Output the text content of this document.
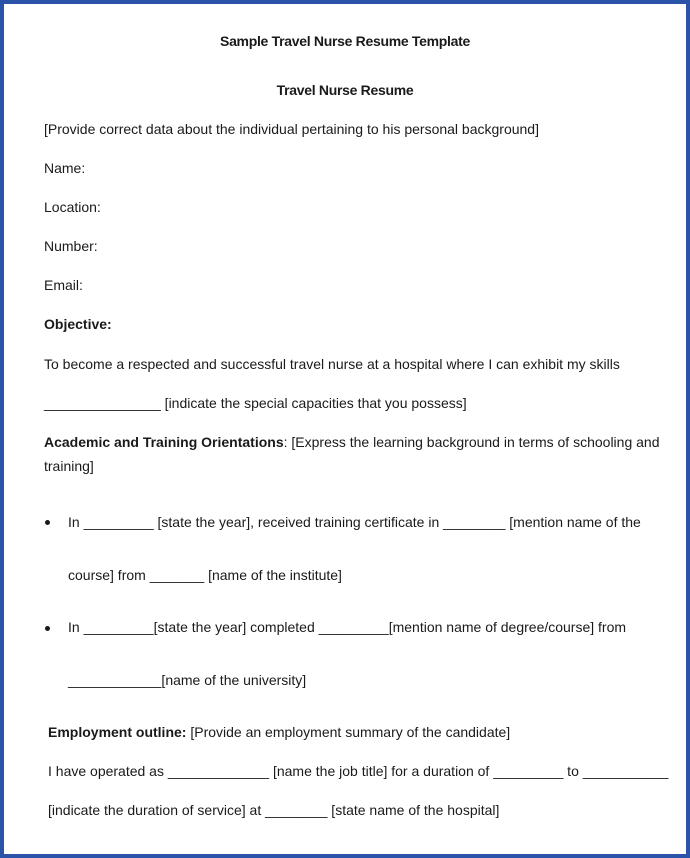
Sample Travel Nurse Resume Template
Travel Nurse Resume
[Provide correct data about the individual pertaining to his personal background]
Name:
Location:
Number:
Email:
Objective:
To become a respected and successful travel nurse at a hospital where I can exhibit my skills
_______________ [indicate the special capacities that you possess]
Academic and Training Orientations: [Express the learning background in terms of schooling and
training]
In _________ [state the year], received training certificate in ________ [mention name of the
course] from _______ [name of the institute]
In _________[state the year] completed _________[mention name of degree/course] from
____________[name of the university]
Employment outline: [Provide an employment summary of the candidate]
I have operated as _____________ [name the job title] for a duration of _________ to ___________
[indicate the duration of service] at ________ [state name of the hospital]
